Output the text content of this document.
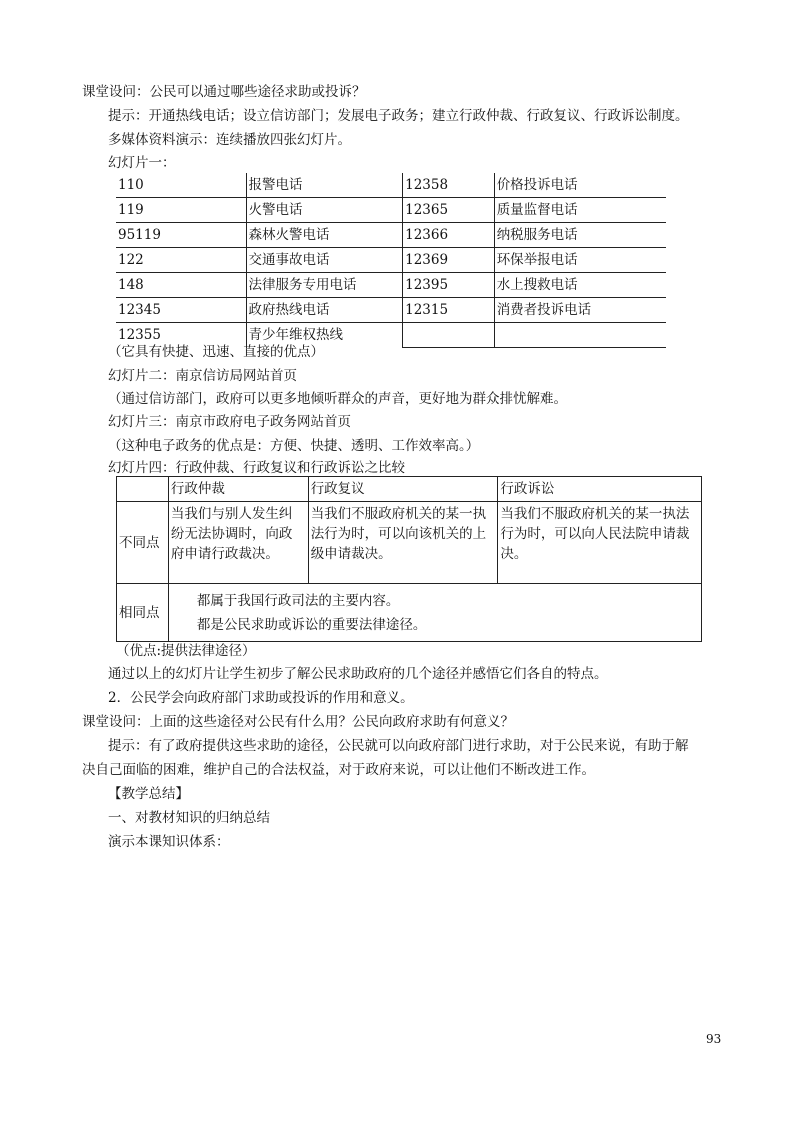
课堂设问：公民可以通过哪些途径求助或投诉？
提示：开通热线电话；设立信访部门；发展电子政务；建立行政仲裁、行政复议、行政诉讼制度。
多媒体资料演示：连续播放四张幻灯片。
幻灯片一：
110	报警电话	12358	价格投诉电话
119	火警电话	12365	质量监督电话
95119	森林火警电话	12366	纳税服务电话
122	交通事故电话	12369	环保举报电话
148	法律服务专用电话	12395	水上搜救电话
12345	政府热线电话	12315	消费者投诉电话
12355	青少年维权热线		
（它具有快捷、迅速、直接的优点）
幻灯片二：南京信访局网站首页
（通过信访部门，政府可以更多地倾听群众的声音，更好地为群众排忧解难。
幻灯片三：南京市政府电子政务网站首页
（这种电子政务的优点是：方便、快捷、透明、工作效率高。）
幻灯片四：行政仲裁、行政复议和行政诉讼之比较
	行政仲裁	行政复议	行政诉讼
不同点	当我们与别人发生纠纷无法协调时，向政府申请行政裁决。	当我们不服政府机关的某一执法行为时，可以向该机关的上级申请裁决。	当我们不服政府机关的某一执法行为时，可以向人民法院申请裁决。
相同点	都属于我国行政司法的主要内容。
都是公民求助或诉讼的重要法律途径。		
（优点:提供法律途径）
通过以上的幻灯片让学生初步了解公民求助政府的几个途径并感悟它们各自的特点。
2．公民学会向政府部门求助或投诉的作用和意义。
课堂设问：上面的这些途径对公民有什么用？公民向政府求助有何意义？
提示：有了政府提供这些求助的途径，公民就可以向政府部门进行求助，对于公民来说，有助于解
决自己面临的困难，维护自己的合法权益，对于政府来说，可以让他们不断改进工作。
【教学总结】
一、对教材知识的归纳总结
演示本课知识体系：
93
